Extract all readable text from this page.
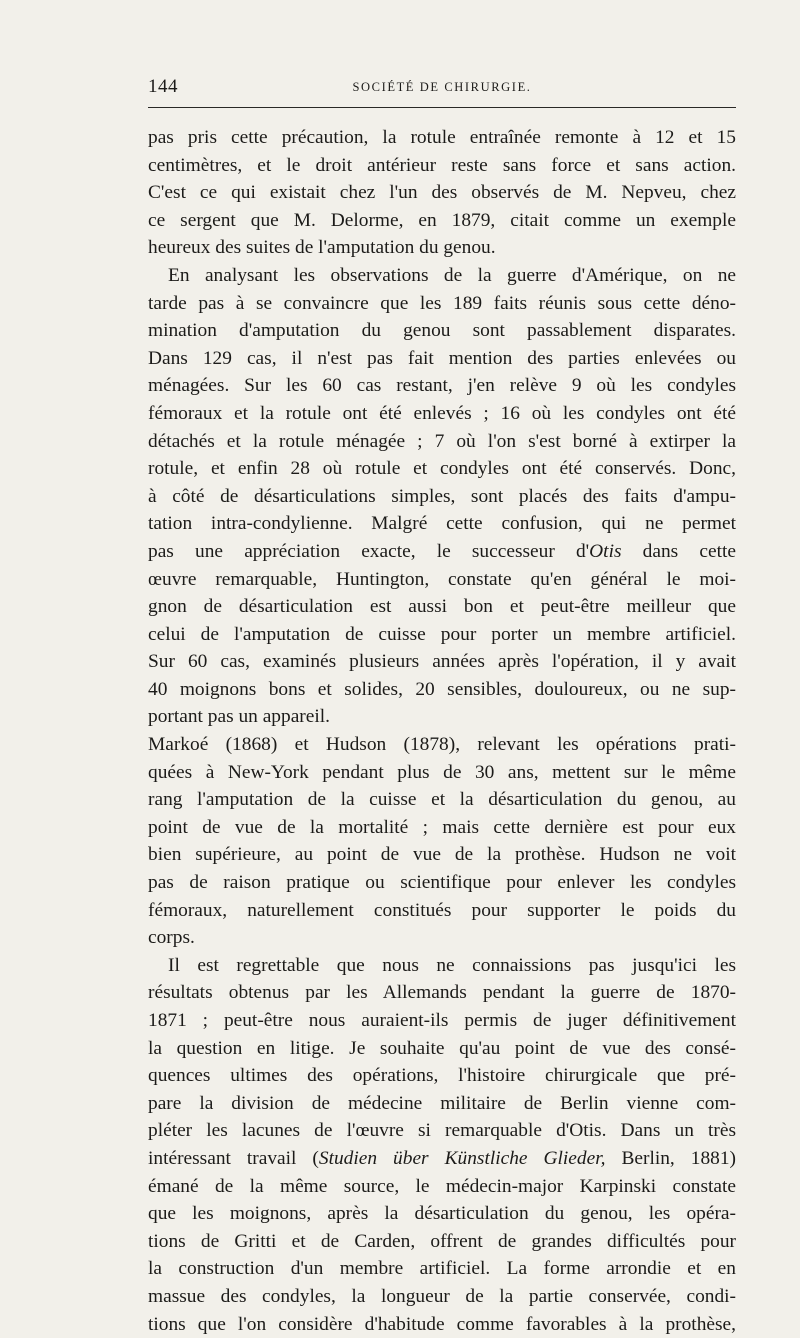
144	SOCIÉTÉ DE CHIRURGIE.
pas pris cette précaution, la rotule entraînée remonte à 12 et 15
centimètres, et le droit antérieur reste sans force et sans action.
C'est ce qui existait chez l'un des observés de M. Nepveu, chez
ce sergent que M. Delorme, en 1879, citait comme un exemple
heureux des suites de l'amputation du genou.
En analysant les observations de la guerre d'Amérique, on ne
tarde pas à se convaincre que les 189 faits réunis sous cette déno-
mination d'amputation du genou sont passablement disparates.
Dans 129 cas, il n'est pas fait mention des parties enlevées ou
ménagées. Sur les 60 cas restant, j'en relève 9 où les condyles
fémoraux et la rotule ont été enlevés ; 16 où les condyles ont été
détachés et la rotule ménagée ; 7 où l'on s'est borné à extirper la
rotule, et enfin 28 où rotule et condyles ont été conservés. Donc,
à côté de désarticulations simples, sont placés des faits d'ampu-
tation intra-condylienne. Malgré cette confusion, qui ne permet
pas une appréciation exacte, le successeur d'Otis dans cette
œuvre remarquable, Huntington, constate qu'en général le moi-
gnon de désarticulation est aussi bon et peut-être meilleur que
celui de l'amputation de cuisse pour porter un membre artificiel.
Sur 60 cas, examinés plusieurs années après l'opération, il y avait
40 moignons bons et solides, 20 sensibles, douloureux, ou ne sup-
portant pas un appareil.
Markoé (1868) et Hudson (1878), relevant les opérations prati-
quées à New-York pendant plus de 30 ans, mettent sur le même
rang l'amputation de la cuisse et la désarticulation du genou, au
point de vue de la mortalité ; mais cette dernière est pour eux
bien supérieure, au point de vue de la prothèse. Hudson ne voit
pas de raison pratique ou scientifique pour enlever les condyles
fémoraux, naturellement constitués pour supporter le poids du
corps.
Il est regrettable que nous ne connaissions pas jusqu'ici les
résultats obtenus par les Allemands pendant la guerre de 1870-
1871 ; peut-être nous auraient-ils permis de juger définitivement
la question en litige. Je souhaite qu'au point de vue des consé-
quences ultimes des opérations, l'histoire chirurgicale que pré-
pare la division de médecine militaire de Berlin vienne com-
pléter les lacunes de l'œuvre si remarquable d'Otis. Dans un très
intéressant travail (Studien über Künstliche Glieder, Berlin, 1881)
émané de la même source, le médecin-major Karpinski constate
que les moignons, après la désarticulation du genou, les opéra-
tions de Gritti et de Carden, offrent de grandes difficultés pour
la construction d'un membre artificiel. La forme arrondie et en
massue des condyles, la longueur de la partie conservée, condi-
tions que l'on considère d'habitude comme favorables à la prothèse,
